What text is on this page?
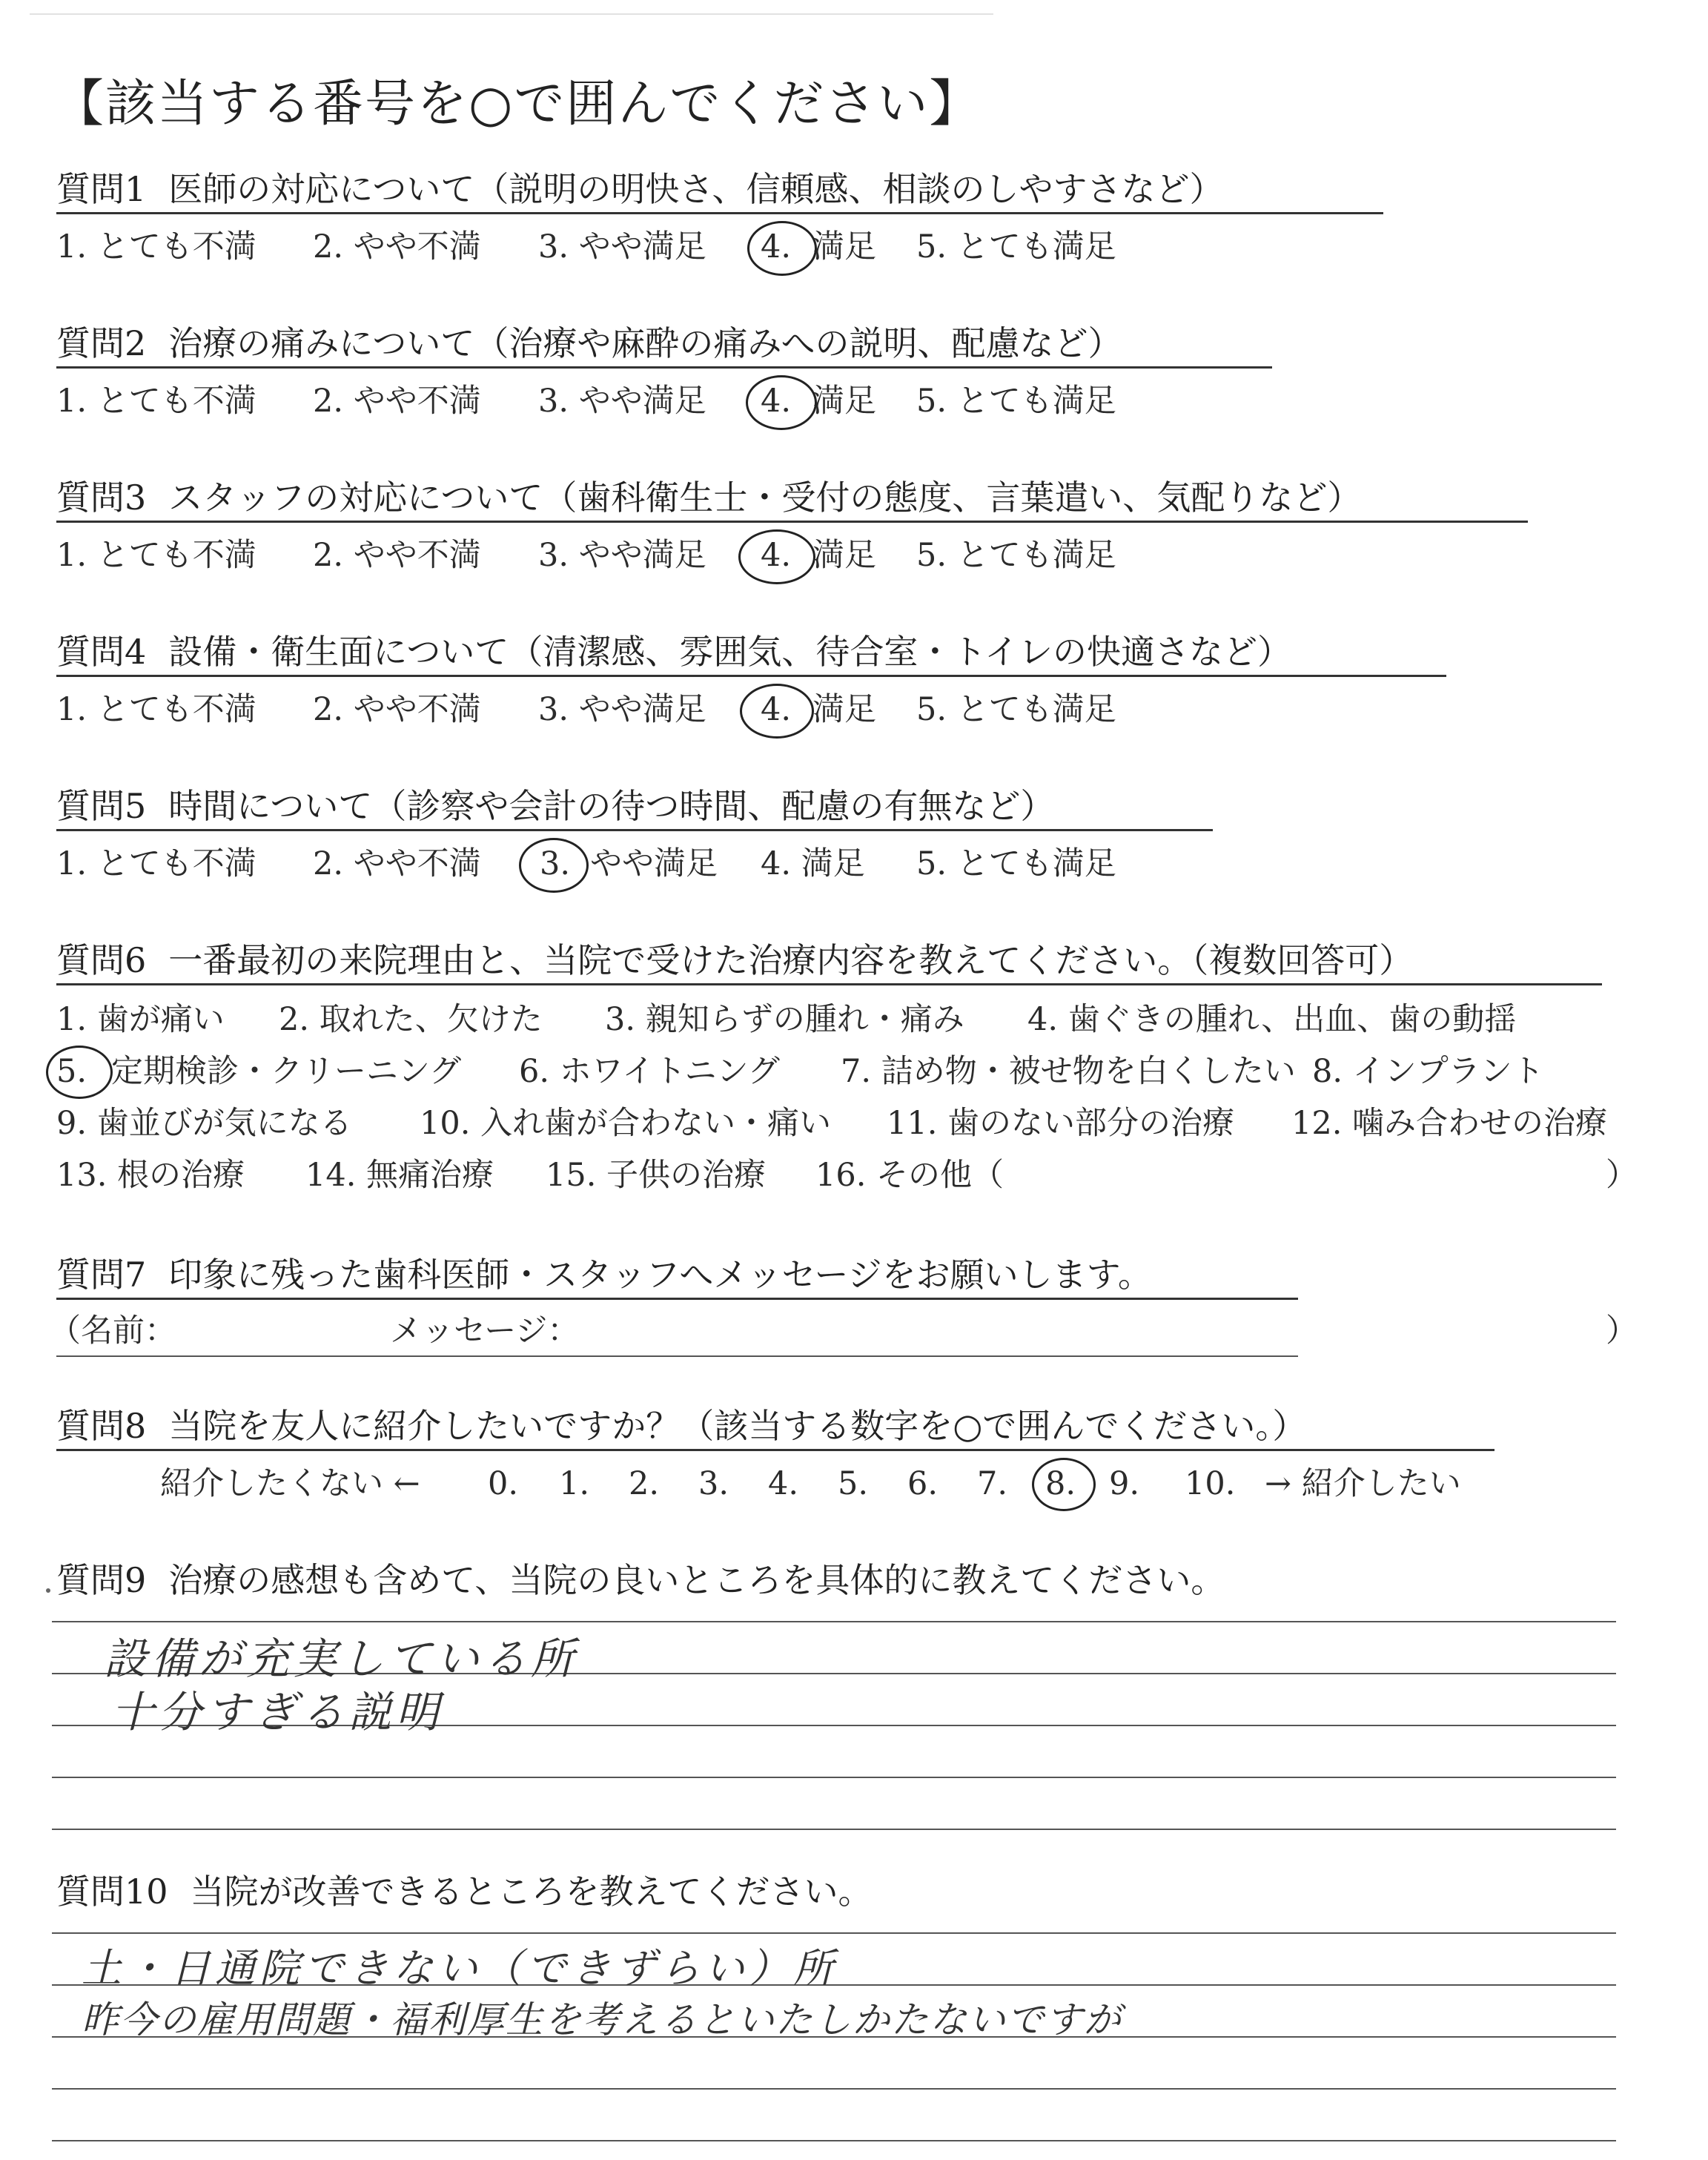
【該当する番号を○で囲んでください】
質問1 医師の対応について（説明の明快さ、信頼感、相談のしやすさなど）
1. とても不満 2. やや不満 3. やや満足 4. 満足 5. とても満足
質問2 治療の痛みについて（治療や麻酔の痛みへの説明、配慮など）
1. とても不満 2. やや不満 3. やや満足 4. 満足 5. とても満足
質問3 スタッフの対応について（歯科衛生士・受付の態度、言葉遣い、気配りなど）
1. とても不満 2. やや不満 3. やや満足 4. 満足 5. とても満足
質問4 設備・衛生面について（清潔感、雰囲気、待合室・トイレの快適さなど）
1. とても不満 2. やや不満 3. やや満足 4. 満足 5. とても満足
質問5 時間について（診察や会計の待つ時間、配慮の有無など）
1. とても不満 2. やや不満 3. やや満足 4. 満足 5. とても満足
質問6 一番最初の来院理由と、当院で受けた治療内容を教えてください。（複数回答可）
1. 歯が痛い 2. 取れた、欠けた 3. 親知らずの腫れ・痛み 4. 歯ぐきの腫れ、出血、歯の動揺
5. 定期検診・クリーニング 6. ホワイトニング 7. 詰め物・被せ物を白くしたい 8. インプラント
9. 歯並びが気になる 10. 入れ歯が合わない・痛い 11. 歯のない部分の治療 12. 噛み合わせの治療
13. 根の治療 14. 無痛治療 15. 子供の治療 16. その他（	）
質問7 印象に残った歯科医師・スタッフへメッセージをお願いします。
（名前：	メッセージ：	）
質問8 当院を友人に紹介したいですか？（該当する数字を○で囲んでください。）
紹介したくない ← 0. 1. 2. 3. 4. 5. 6. 7. 8. 9. 10. → 紹介したい
質問9 治療の感想も含めて、当院の良いところを具体的に教えてください。
設備が充実している所
十分すぎる説明
質問10 当院が改善できるところを教えてください。
土・日通院できない（できずらい）所
昨今の雇用問題・福利厚生を考えるといたしかたないですが
